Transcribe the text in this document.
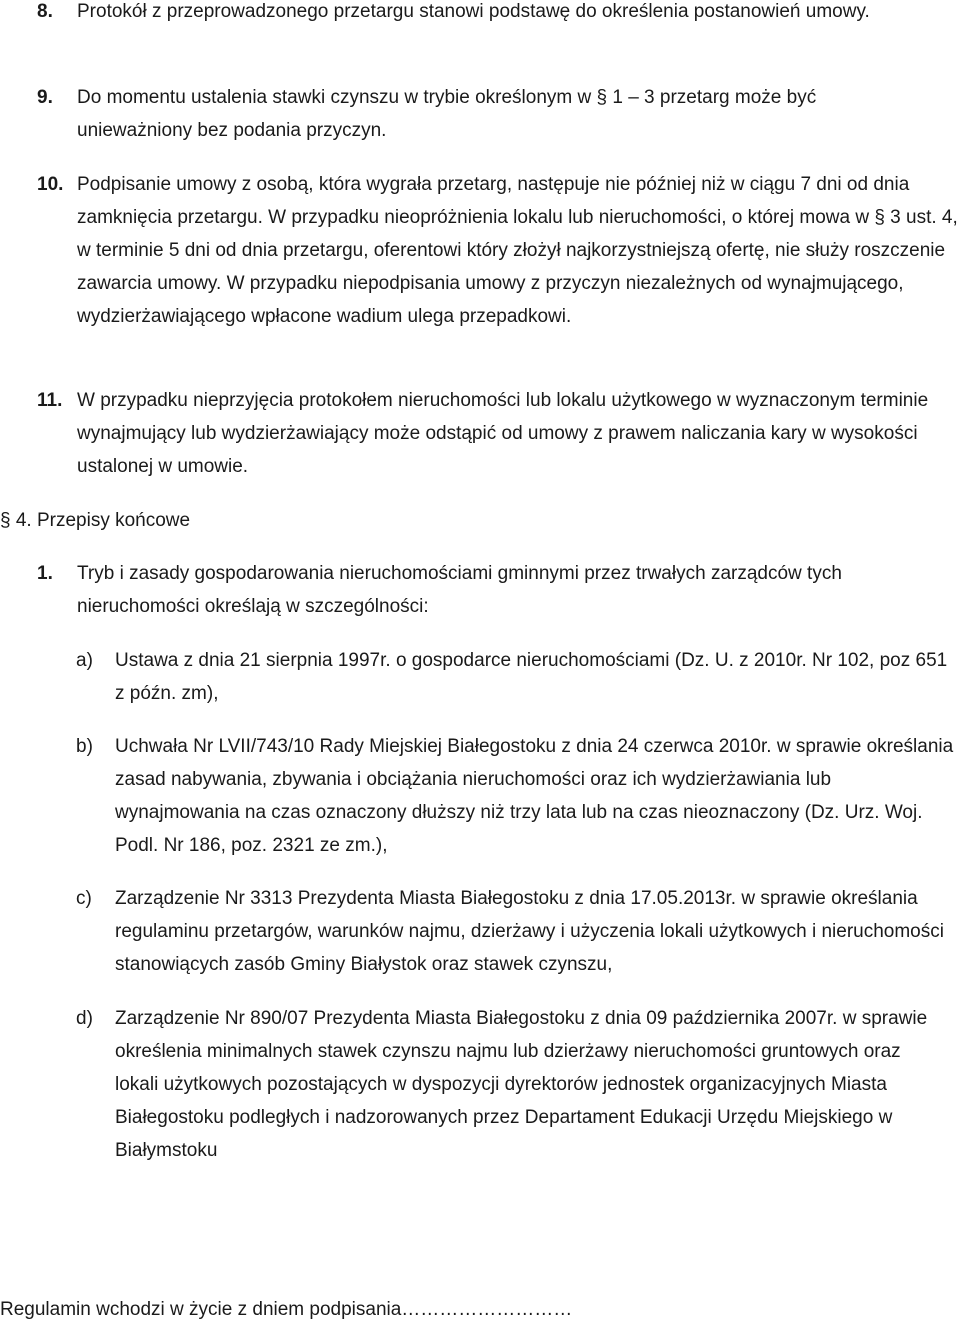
8. Protokół z przeprowadzonego przetargu stanowi podstawę do określenia postanowień umowy.
9. Do momentu ustalenia stawki czynszu w trybie określonym w § 1 – 3 przetarg może być unieważniony bez podania przyczyn.
10. Podpisanie umowy z osobą, która wygrała przetarg, następuje nie później niż w ciągu 7 dni od dnia zamknięcia przetargu. W przypadku nieopróżnienia lokalu lub nieruchomości, o której mowa w § 3 ust. 4, w terminie 5 dni od dnia przetargu, oferentowi który złożył najkorzystniejszą ofertę, nie służy roszczenie zawarcia umowy. W przypadku niepodpisania umowy z przyczyn niezależnych od wynajmującego, wydzierżawiającego wpłacone wadium ulega przepadkowi.
11. W przypadku nieprzyjęcia protokołem nieruchomości lub lokalu użytkowego w wyznaczonym terminie wynajmujący lub wydzierżawiający może odstąpić od umowy z prawem naliczania kary w wysokości ustalonej w umowie.
§ 4. Przepisy końcowe
1. Tryb i zasady gospodarowania nieruchomościami gminnymi przez trwałych zarządców tych nieruchomości określają w szczególności:
a) Ustawa z dnia 21 sierpnia 1997r. o gospodarce nieruchomościami (Dz. U. z 2010r. Nr 102, poz 651 z późn. zm),
b) Uchwała Nr LVII/743/10 Rady Miejskiej Białegostoku z dnia 24 czerwca 2010r. w sprawie określania zasad nabywania, zbywania i obciążania nieruchomości oraz ich wydzierżawiania lub wynajmowania na czas oznaczony dłuższy niż trzy lata lub na czas nieoznaczony (Dz. Urz. Woj. Podl. Nr 186, poz. 2321 ze zm.),
c) Zarządzenie Nr 3313 Prezydenta Miasta Białegostoku z dnia 17.05.2013r. w sprawie określania regulaminu przetargów, warunków najmu, dzierżawy i użyczenia lokali użytkowych i nieruchomości stanowiących zasób Gminy Białystok oraz stawek czynszu,
d) Zarządzenie Nr 890/07 Prezydenta Miasta Białegostoku z dnia 09 października 2007r. w sprawie określenia minimalnych stawek czynszu najmu lub dzierżawy nieruchomości gruntowych oraz lokali użytkowych pozostających w dyspozycji dyrektorów jednostek organizacyjnych Miasta Białegostoku podległych i nadzorowanych przez Departament Edukacji Urzędu Miejskiego w Białymstoku
Regulamin wchodzi w życie z dniem podpisania………………………
